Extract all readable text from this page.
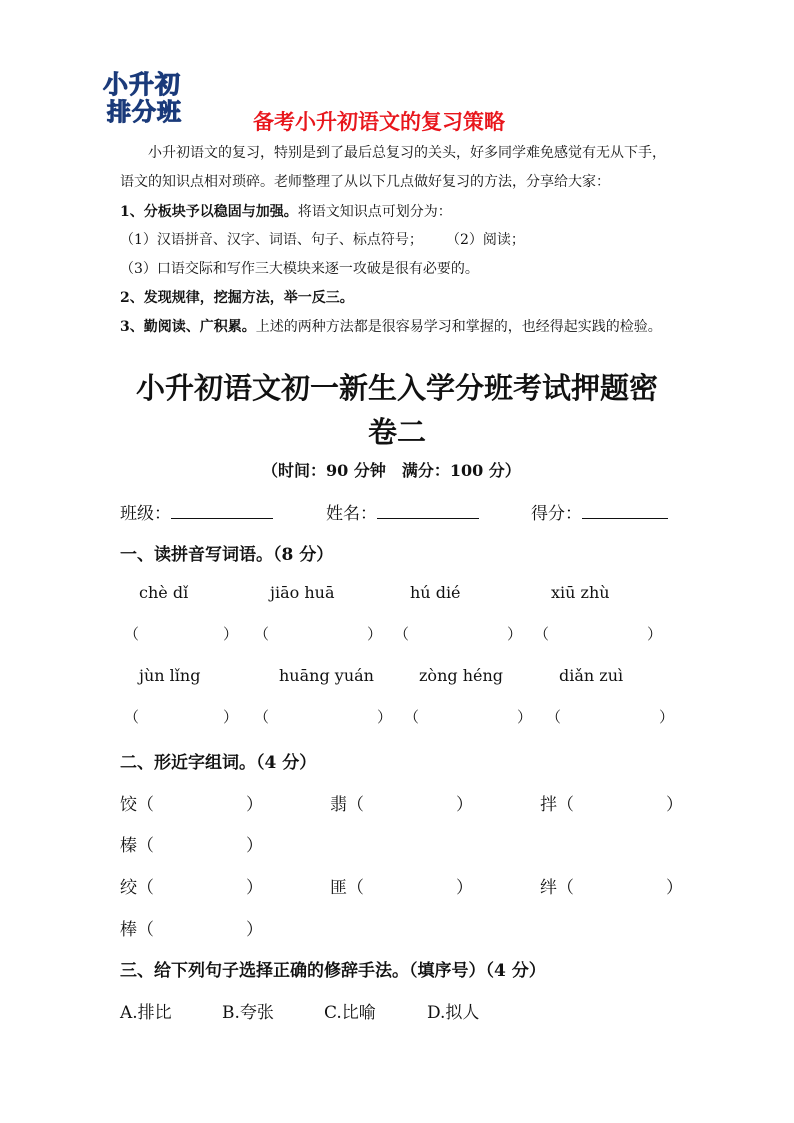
小升初
排分班	备考小升初语文的复习策略
小升初语文的复习，特别是到了最后总复习的关头，好多同学难免感觉有无从下手，
语文的知识点相对琐碎。老师整理了从以下几点做好复习的方法，分享给大家：
1、分板块予以稳固与加强。将语文知识点可划分为：
（1）汉语拼音、汉字、词语、句子、标点符号； （2）阅读；
（3）口语交际和写作三大模块来逐一攻破是很有必要的。
2、发现规律，挖掘方法，举一反三。
3、勤阅读、广积累。上述的两种方法都是很容易学习和掌握的，也经得起实践的检验。
小升初语文初一新生入学分班考试押题密
卷二
（时间：90 分钟　满分：100 分）
班级：	姓名：	得分：
一、读拼音写词语。（8 分）
chè dǐ	jiāo huā	hú dié	xiū zhù
（	） （	） （	） （	）
jùn lǐng	huāng yuán	zòng héng	diǎn zuì
（	） （	） （	） （	）
二、形近字组词。（4 分）
饺（	）	翡（	）	拌（	）
榛（	）
绞（	）	匪（	）	绊（	）
棒（	）
三、给下列句子选择正确的修辞手法。（填序号）（4 分）
A.排比	B.夸张	C.比喻	D.拟人
